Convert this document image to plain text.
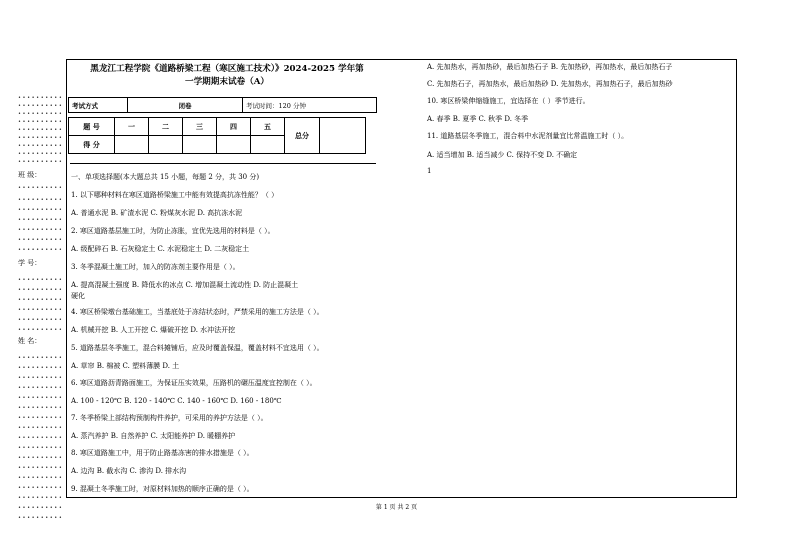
• • • • • • • • • •
• • • • • • • • • •
• • • • • • • • • •
• • • • • • • • • •
• • • • • • • • • •
• • • • • • • • • •
• • • • • • • • • •
• • • • • • • • • •
• • • • • • • • • •
班 级：
• • • • • • • • • •
• • • • • • • • • •
• • • • • • • • • •
• • • • • • • • • •
• • • • • • • • • •
• • • • • • • • • •
• • • • • • • • • •
学 号：
• • • • • • • • • •
• • • • • • • • • •
• • • • • • • • • •
• • • • • • • • • •
• • • • • • • • • •
• • • • • • • • • •
姓 名：
• • • • • • • • • •
• • • • • • • • • •
• • • • • • • • • •
• • • • • • • • • •
• • • • • • • • • •
• • • • • • • • • •
• • • • • • • • • •
• • • • • • • • • •
• • • • • • • • • •
• • • • • • • • • •
• • • • • • • • • •
• • • • • • • • • •
• • • • • • • • • •
• • • • • • • • • •
• • • • • • • • • •
• • • • • • • • • •
• • • • • • • • • •
黑龙江工程学院《道路桥梁工程（寒区施工技术）》2024-2025 学年第
一学期期末试卷（A）
考试方式	闭卷	考试时间：120 分钟
题 号	一	二	三	四	五	总分	
得 分							
一、单项选择题(本大题总共 15 小题，每题 2 分，共 30 分)
1. 以下哪种材料在寒区道路桥梁施工中能有效提高抗冻性能？（ ）
A. 普通水泥 B. 矿渣水泥 C. 粉煤灰水泥 D. 高抗冻水泥
2. 寒区道路基层施工时，为防止冻胀，宜优先选用的材料是（ ）。
A. 级配碎石 B. 石灰稳定土 C. 水泥稳定土 D. 二灰稳定土
3. 冬季混凝土施工时，加入的防冻剂主要作用是（ ）。
A. 提高混凝土强度 B. 降低水的冰点 C. 增加混凝土流动性 D. 防止混凝土
硬化
4. 寒区桥梁墩台基础施工，当基底处于冻结状态时，严禁采用的施工方法是（ ）。
A. 机械开挖 B. 人工开挖 C. 爆破开挖 D. 水冲法开挖
5. 道路基层冬季施工，混合料摊铺后，应及时覆盖保温，覆盖材料不宜选用（ ）。
A. 草帘 B. 棉被 C. 塑料薄膜 D. 土
6. 寒区道路沥青路面施工，为保证压实效果，压路机的碾压温度宜控制在（ ）。
A. 100 - 120℃ B. 120 - 140℃ C. 140 - 160℃ D. 160 - 180℃
7. 冬季桥梁上部结构预制构件养护，可采用的养护方法是（ ）。
A. 蒸汽养护 B. 自然养护 C. 太阳能养护 D. 暖棚养护
8. 寒区道路施工中，用于防止路基冻害的排水措施是（ ）。
A. 边沟 B. 截水沟 C. 渗沟 D. 排水沟
9. 混凝土冬季施工时，对原材料加热的顺序正确的是（ ）。
A. 先加热水，再加热砂，最后加热石子 B. 先加热砂，再加热水，最后加热石子
C. 先加热石子，再加热水，最后加热砂 D. 先加热水，再加热石子，最后加热砂
10. 寒区桥梁伸缩缝施工，宜选择在（ ）季节进行。
A. 春季 B. 夏季 C. 秋季 D. 冬季
11. 道路基层冬季施工，混合料中水泥剂量宜比常温施工时（ ）。
A. 适当增加 B. 适当减少 C. 保持不变 D. 不确定
1
第 1 页 共 2 页
